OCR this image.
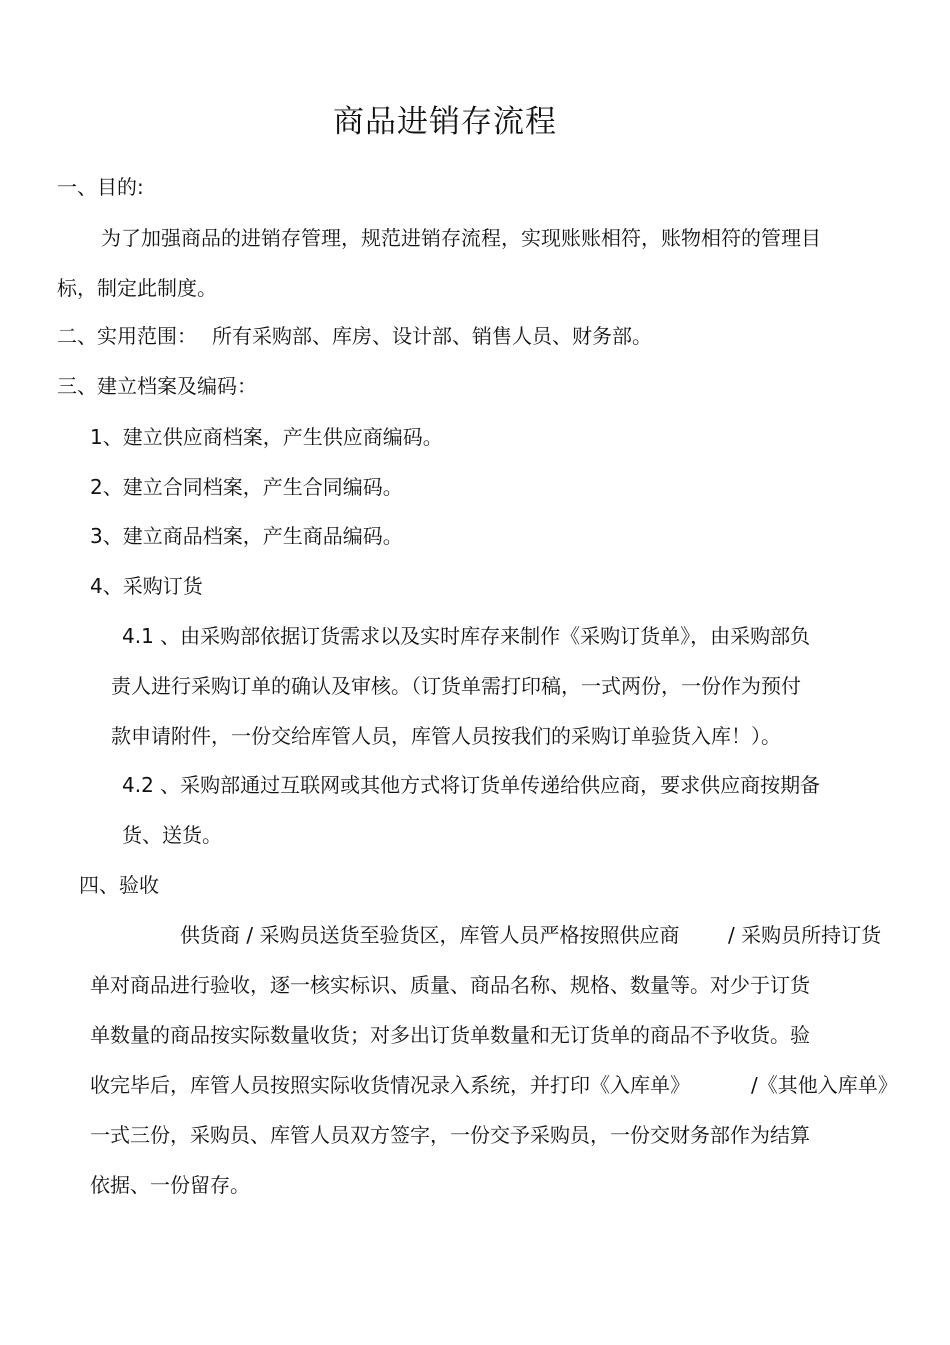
商品进销存流程
一、目的:
为了加强商品的进销存管理，规范进销存流程，实现账账相符，账物相符的管理目
标，制定此制度。
二、实用范围： 所有采购部、库房、设计部、销售人员、财务部。
三、建立档案及编码：
1、建立供应商档案，产生供应商编码。
2、建立合同档案，产生合同编码。
3、建立商品档案，产生商品编码。
4、采购订货
4.1 、由采购部依据订货需求以及实时库存来制作《采购订货单》，由采购部负
责人进行采购订单的确认及审核。（订货单需打印稿，一式两份，一份作为预付
款申请附件，一份交给库管人员，库管人员按我们的采购订单验货入库！）。
4.2 、采购部通过互联网或其他方式将订货单传递给供应商，要求供应商按期备
货、送货。
四、验收
供货商 / 采购员送货至验货区，库管人员严格按照供应商 / 采购员所持订货
单对商品进行验收，逐一核实标识、质量、商品名称、规格、数量等。对少于订货
单数量的商品按实际数量收货；对多出订货单数量和无订货单的商品不予收货。验
收完毕后，库管人员按照实际收货情况录入系统，并打印《入库单》	/《其他入库单》
一式三份，采购员、库管人员双方签字，一份交予采购员，一份交财务部作为结算
依据、一份留存。
